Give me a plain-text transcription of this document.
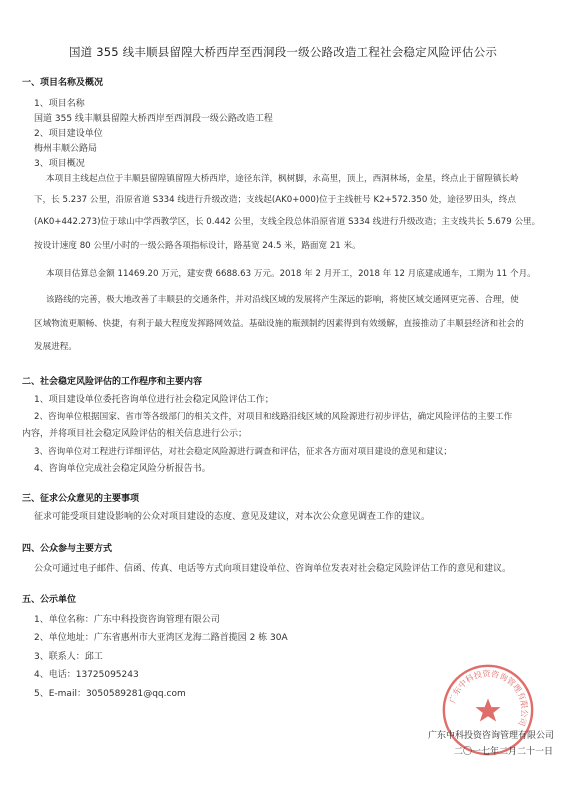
国道 355 线丰顺县留隍大桥西岸至西洞段一级公路改造工程社会稳定风险评估公示
一、项目名称及概况
1、项目名称
国道 355 线丰顺县留隍大桥西岸至西洞段一级公路改造工程
2、项目建设单位
梅州丰顺公路局
3、项目概况
本项目主线起点位于丰顺县留隍镇留隍大桥西岸，途径东洋，枫树脚，永高里，顶上，西洞林场，金星，终点止于留隍镇长岭
下，长 5.237 公里，沿原省道 S334 线进行升级改造；支线起(AK0+000)位于主线桩号 K2+572.350 处，途径罗田头，终点
(AK0+442.273)位于球山中学西教学区，长 0.442 公里，支线全段总体沿原省道 S334 线进行升级改造；主支线共长 5.679 公里。
按设计速度 80 公里/小时的一级公路各项指标设计，路基宽 24.5 米，路面宽 21 米。
本项目估算总金额 11469.20 万元，建安费 6688.63 万元。2018 年 2 月开工，2018 年 12 月底建成通车，工期为 11 个月。
该路线的完善，极大地改善了丰顺县的交通条件，并对沿线区域的发展将产生深远的影响，将使区域交通网更完善、合理，使
区域物流更顺畅、快捷，有利于最大程度发挥路网效益。基础设施的瓶颈制约因素得到有效缓解，直接推动了丰顺县经济和社会的
发展进程。
二、社会稳定风险评估的工作程序和主要内容
1、项目建设单位委托咨询单位进行社会稳定风险评估工作；
2、咨询单位根据国家、省市等各级部门的相关文件，对项目和线路沿线区域的风险源进行初步评估，确定风险评估的主要工作
内容，并将项目社会稳定风险评估的相关信息进行公示；
3、咨询单位对工程进行详细评估，对社会稳定风险源进行调查和评估，征求各方面对项目建设的意见和建议；
4、咨询单位完成社会稳定风险分析报告书。
三、征求公众意见的主要事项
征求可能受项目建设影响的公众对项目建设的态度、意见及建议，对本次公众意见调查工作的建议。
四、公众参与主要方式
公众可通过电子邮件、信函、传真、电话等方式向项目建设单位、咨询单位发表对社会稳定风险评估工作的意见和建议。
五、公示单位
1、单位名称：广东中科投资咨询管理有限公司
2、单位地址：广东省惠州市大亚湾区龙海二路首揽园 2 栋 30A
3、联系人：邱工
4、电话：13725095243
5、E-mail：3050589281@qq.com	广东中科投资咨询管理有限公司
广东中科投资咨询管理有限公司
二〇一七年二月二十一日
